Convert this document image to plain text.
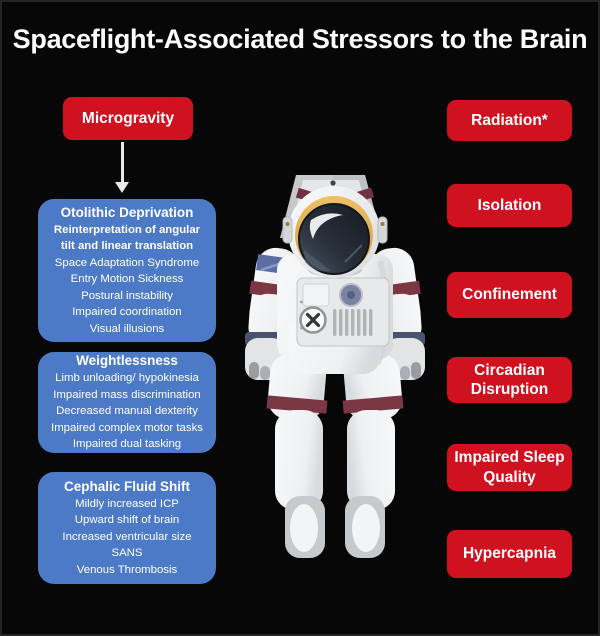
Spaceflight-Associated Stressors to the Brain
Microgravity
Otolithic Deprivation
Reinterpretation of angular
tilt and linear translation
Space Adaptation Syndrome
Entry Motion Sickness
Postural instability
Impaired coordination
Visual illusions
Weightlessness
Limb unloading/ hypokinesia
Impaired mass discrimination
Decreased manual dexterity
Impaired complex motor tasks
Impaired dual tasking
Cephalic Fluid Shift
Mildly increased ICP
Upward shift of brain
Increased ventricular size
SANS
Venous Thrombosis
Radiation*
Isolation
Confinement
Circadian Disruption
Impaired Sleep Quality
Hypercapnia
